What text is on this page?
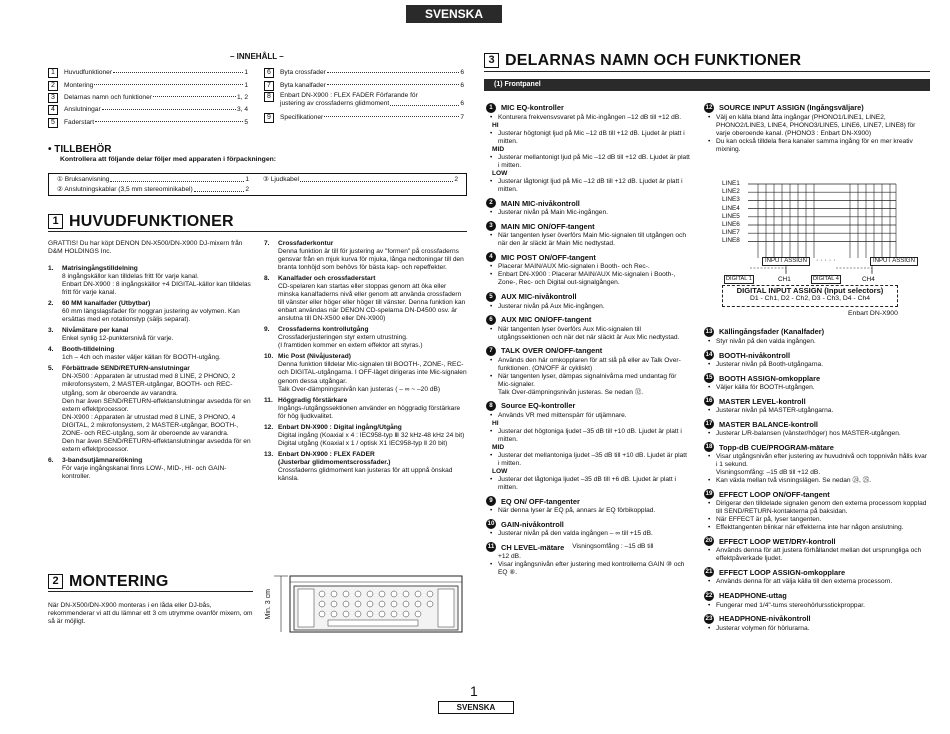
SVENSKA
– INNEHÅLL –
1	Huvudfunktioner	1
2	Montering	1
3	Delarnas namn och funktioner	1, 2
4	Anslutningar	3, 4
5	Faderstart	5
6	Byta crossfader	6
7	Byta kanalfader	6
8	Enbart DN-X900 : FLEX FADER Förfarande för
justering av crossfaderns glidmoment	6
9	Specifikationer	7
• TILLBEHÖR
Kontrollera att följande delar följer med apparaten i förpackningen:
① Bruksanvisning	1 ③ Ljudkabel	2
② Anslutningskablar (3,5 mm stereominikabel)	2
1 HUVUDFUNKTIONER
GRATTIS! Du har köpt DENON DN-X500/DN-X900 DJ-mixern från D&M HOLDINGS Inc.
1.	Matrisingångstilldelning
8 ingångskällor kan tilldelas fritt för varje kanal.
Enbart DN-X900 : 8 ingångskällor +4 DIGITAL-källor kan tilldelas fritt för varje kanal.
2.	60 MM kanalfader (Utbytbar)
60 mm längslagsfader för noggran justering av volymen. Kan ersättas med en rotationstyp (säljs separat).
3.	Nivåmätare per kanal
Enkel synlig 12-punktersnivå för varje.
4.	Booth-tilldelning
1ch – 4ch och master väljer källan för BOOTH-utgång.
5.	Förbättrade SEND/RETURN-anslutningar
DN-X500 : Apparaten är utrustad med 8 LINE, 2 PHONO, 2 mikrofonsystem, 2 MASTER-utgångar, BOOTH- och REC-utgång, som är oberoende av varandra.
Den har även SEND/RETURN-effektanslutningar avsedda för en extern effektprocessor.
DN-X900 : Apparaten är utrustad med 8 LINE, 3 PHONO, 4 DIGITAL, 2 mikrofonsystem, 2 MASTER-utgångar, BOOTH-, ZONE- och REC-utgång, som är oberoende av varandra.
Den har även SEND/RETURN-effektanslutningar avsedda för en extern effektprocessor.
6.	3-bandsutjämnare/ökning
För varje ingångskanal finns LOW-, MID-, HI- och GAIN-kontroller.
7.	Crossfaderkontur
Denna funktion är till för justering av "formen" på crossfaderns gensvar från en mjuk kurva för mjuka, långa nedtoningar till den branta tonhöjd som behövs för bästa kap- och repeffekter.
8.	Kanalfader och crossfaderstart
CD-spelaren kan startas eller stoppas genom att öka eller minska kanalfaderns nivå eller genom att använda crossfadern till vänster eller höger eller höger till vänster. Denna funktion kan enbart användas när DENON CD-spelarna DN-D4500 osv. är anslutna till DN-X500 eller DN-X900)
9.	Crossfaderns kontrollutgång
Crossfaderjusteringen styr extern utrustning.
(I framtiden kommer en extern effektor att styras.)
10. Mic Post (Nivåjusterad)
Denna funktion tilldelar Mic-signalen till BOOTH-, ZONE-, REC- och DIGITAL-utgångarna. I OFF-läget dirigeras inte Mic-signalen genom dessa utgångar.
Talk Over-dämpningsnivån kan justeras ( – ∞ ~ –20 dB)
11. Höggradig förstärkare
Ingångs-/utgångssektionen använder en höggradig förstärkare för hög ljudkvalitet.
12. Enbart DN-X900 : Digital ingång/Utgång
Digital ingång (Koaxial x 4 : IEC958-typ Ⅲ 32 kHz-48 kHz 24 bit)
Digital utgång (Koaxial x 1 / optisk X1 IEC958-typ Ⅱ 20 bit)
13. Enbart DN-X900 : FLEX FADER
(Justerbar glidmomentscrossfader.)
Crossfaderns glidmoment kan justeras för att uppnå önskad känsla.
2 MONTERING
När DN-X500/DN-X900 monteras i en låda eller DJ-bås, rekommenderar vi att du lämnar ett 3 cm utrymme ovanför mixern, om så är möjligt.
Min. 3 cm
3 DELARNAS NAMN OCH FUNKTIONER
(1) Frontpanel
1	MIC EQ-kontroller
• Konturera frekvensvsvaret på Mic-ingången –12 dB till +12 dB.
HI
• Justerar högtonigt ljud på Mic –12 dB till +12 dB. Ljudet är platt i mitten.
MID
• Justerar mellantonigt ljud på Mic –12 dB till +12 dB. Ljudet är platt i mitten.
LOW
• Justerar lågtonigt ljud på Mic –12 dB till +12 dB. Ljudet är platt i mitten.
2	MAIN MIC-nivåkontroll
• Justerar nivån på Main Mic-ingången.
3	MAIN MIC ON/OFF-tangent
• När tangenten lyser överförs Main Mic-signalen till utgången och när den är släckt är Main Mic nedtystad.
4	MIC POST ON/OFF-tangent
• Placerar MAIN/AUX Mic-signalen i Booth- och Rec-.
• Enbart DN-X900 : Placerar MAIN/AUX Mic-signalen i Booth-, Zone-, Rec- och Digital out-signalgången.
5	AUX MIC-nivåkontroll
• Justerar nivån på Aux Mic-ingången.
6	AUX MIC ON/OFF-tangent
• När tangenten lyser överförs Aux Mic-signalen till utgångssektionen och när det när släckt är Aux Mic nedtystad.
7	TALK OVER ON/OFF-tangent
• Används den här omkopplaren för att slå på eller av Talk Over-funktionen. (ON/OFF är cykliskt)
• När tangenten lyser, dämpas signalnivårna med undantag för Mic-signaler.
Talk Over-dämpningsnivån justeras. Se nedan ㉜.
8	Source EQ-kontroller
• Används VR med mittenspärr för utjämnare.
HI
• Justerar det högtoniga ljudet –35 dB till +10 dB. Ljudet är platt i mitten.
MID
• Justerar det mellantoniga ljudet –35 dB till +10 dB. Ljudet är platt i mitten.
LOW
• Justerar det lågtoniga ljudet –35 dB till +6 dB. Ljudet är platt i mitten.
9	EQ ON/ OFF-tangenter
• När denna lyser är EQ på, annars är EQ förbikopplad.
10 GAIN-nivåkontroll
• Justerar nivån på den valda ingången – ∞ till +15 dB.
11 CH LEVEL-mätare Visningsomfång : –15 dB till
+12 dB.
• Visar ingångsnivån efter justering med kontrollerna GAIN ⑩ och EQ ⑧.
12 SOURCE INPUT ASSIGN (Ingångsväljare)
• Välj en källa bland åtta ingångar (PHONO1/LINE1, LINE2, PHONO2/LINE3, LINE4, PHONO3/LINE5, LINE6, LINE7, LINE8) för varje oberoende kanal. (PHONO3 : Enbart DN-X900)
• Du kan också tilldela flera kanaler samma ingång för en mer kreativ mixning.
LINE1
LINE2
LINE3
LINE4
LINE5
LINE6
LINE7
LINE8
INPUT ASSIGN	INPUT ASSIGN
· · · · ·
DIGITAL 1	CH1	DIGITAL 4	CH4
DIGITAL INPUT ASSIGN (Input selectors)
D1 - Ch1, D2 - Ch2, D3 - Ch3, D4 - Ch4
Enbart DN-X900
13 Källingångsfader (Kanalfader)
• Styr nivån på den valda ingången.
14 BOOTH-nivåkontroll
• Justerar nivån på Booth-utgångarna.
15 BOOTH ASSIGN-omkopplare
• Väljer källa för BOOTH-utgången.
16 MASTER LEVEL-kontroll
• Justerar nivån på MASTER-utgångarna.
17 MASTER BALANCE-kontroll
• Justerar L/R-balansen (vänster/höger) hos MASTER-utgången.
18 Topp-dB CUE/PROGRAM-mätare
• Visar utgångsnivån efter justering av huvudnivå och toppnivån hålls kvar i 1 sekund.
Visningsomfång: –15 dB till +12 dB.
• Kan växla mellan två visningslägen. Se nedan ㉔, ㉕.
19 EFFECT LOOP ON/OFF-tangent
• Dirigerar den tilldelade signalen genom den externa processorn kopplad till SEND/RETURN-kontakterna på baksidan.
• När EFFECT är på, lyser tangenten.
• Effekttangenten blinkar när effekterna inte har någon anslutning.
20 EFFECT LOOP WET/DRY-kontroll
• Används denna för att justera förhållandet mellan det ursprungliga och effektpåverkade ljudet.
21 EFFECT LOOP ASSIGN-omkopplare
• Används denna för att välja källa till den externa processorn.
22 HEADPHONE-uttag
• Fungerar med 1/4"-tums stereohörlursstickproppar.
23 HEADPHONE-nivåkontroll
• Justerar volymen för hörlurarna.
1
SVENSKA
